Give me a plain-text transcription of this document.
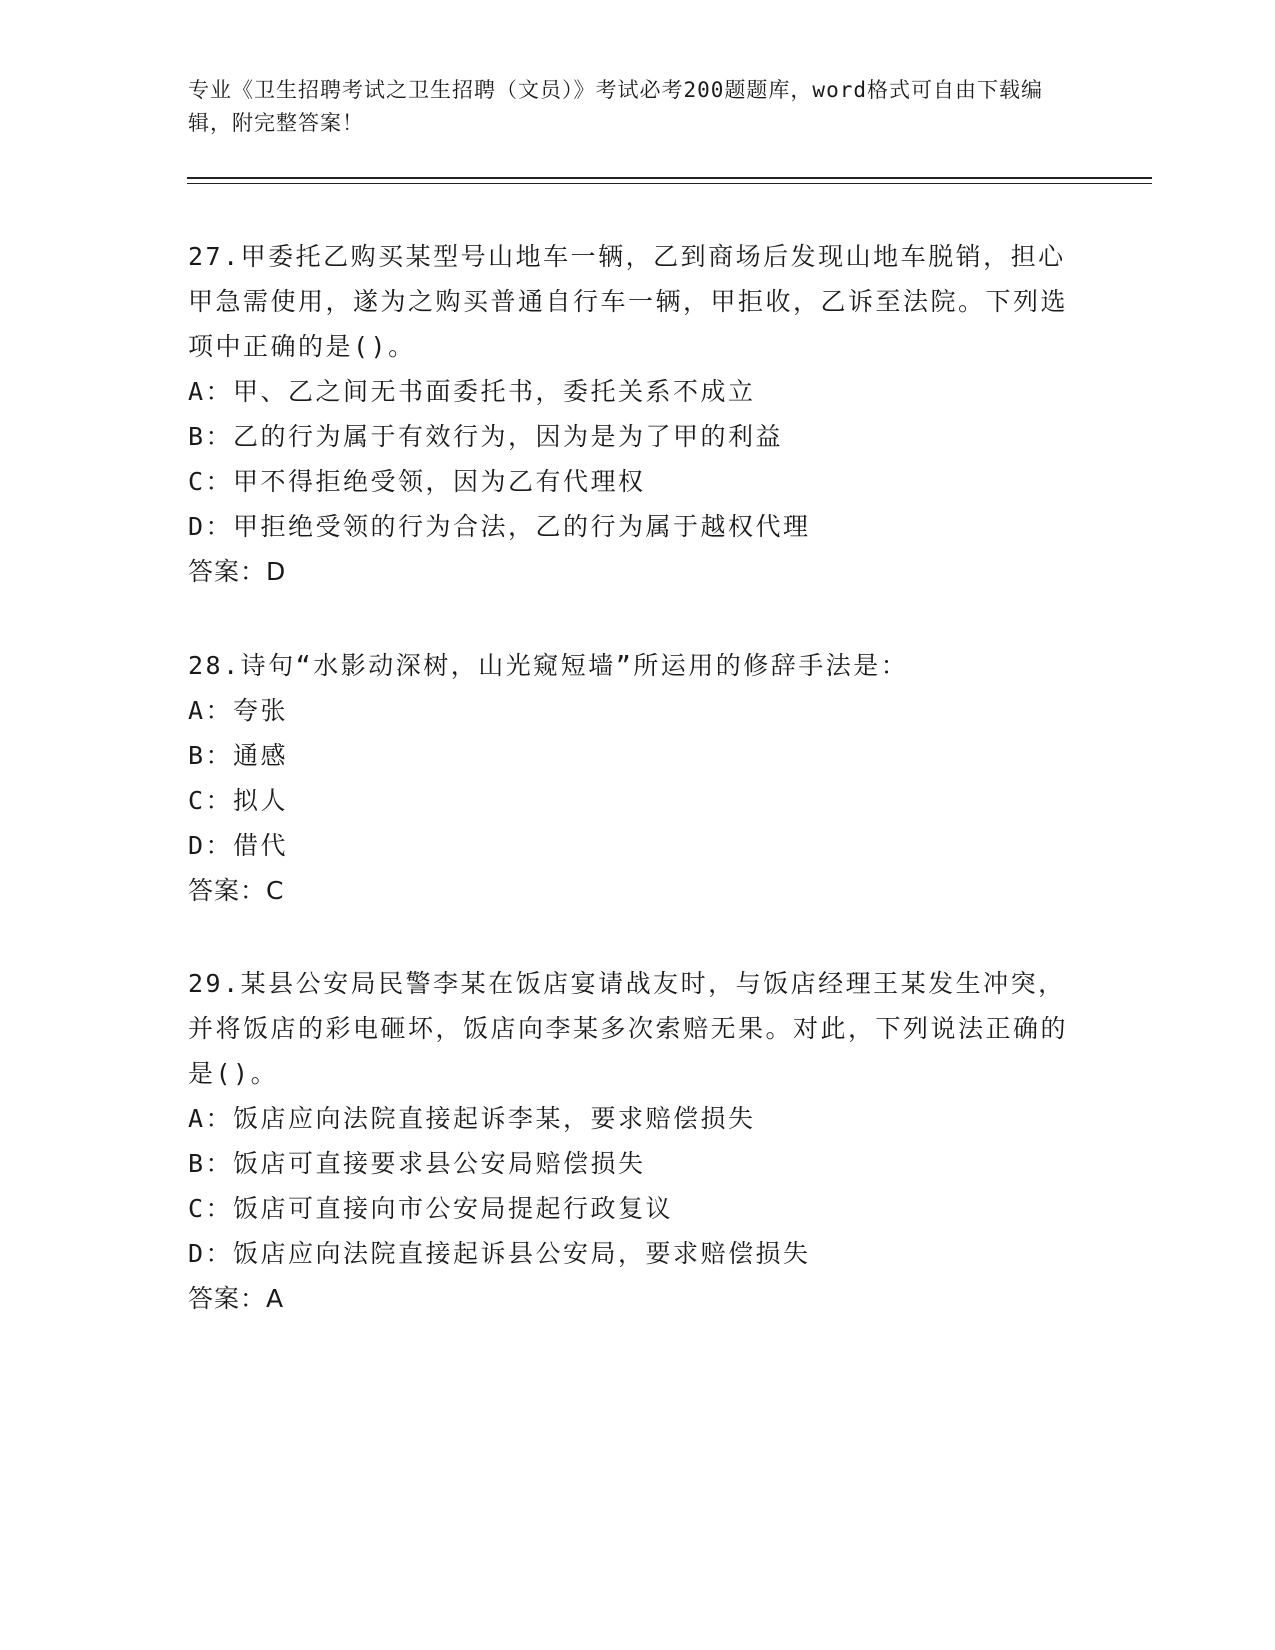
专业《卫生招聘考试之卫生招聘（文员）》考试必考200题题库，word格式可自由下载编辑，附完整答案！
27.甲委托乙购买某型号山地车一辆，乙到商场后发现山地车脱销，担心甲急需使用，遂为之购买普通自行车一辆，甲拒收，乙诉至法院。下列选项中正确的是()。
A：甲、乙之间无书面委托书，委托关系不成立
B：乙的行为属于有效行为，因为是为了甲的利益
C：甲不得拒绝受领，因为乙有代理权
D：甲拒绝受领的行为合法，乙的行为属于越权代理
答案：D
28.诗句“水影动深树，山光窥短墙”所运用的修辞手法是：
A：夸张
B：通感
C：拟人
D：借代
答案：C
29.某县公安局民警李某在饭店宴请战友时，与饭店经理王某发生冲突，并将饭店的彩电砸坏，饭店向李某多次索赔无果。对此，下列说法正确的是()。
A：饭店应向法院直接起诉李某，要求赔偿损失
B：饭店可直接要求县公安局赔偿损失
C：饭店可直接向市公安局提起行政复议
D：饭店应向法院直接起诉县公安局，要求赔偿损失
答案：A
